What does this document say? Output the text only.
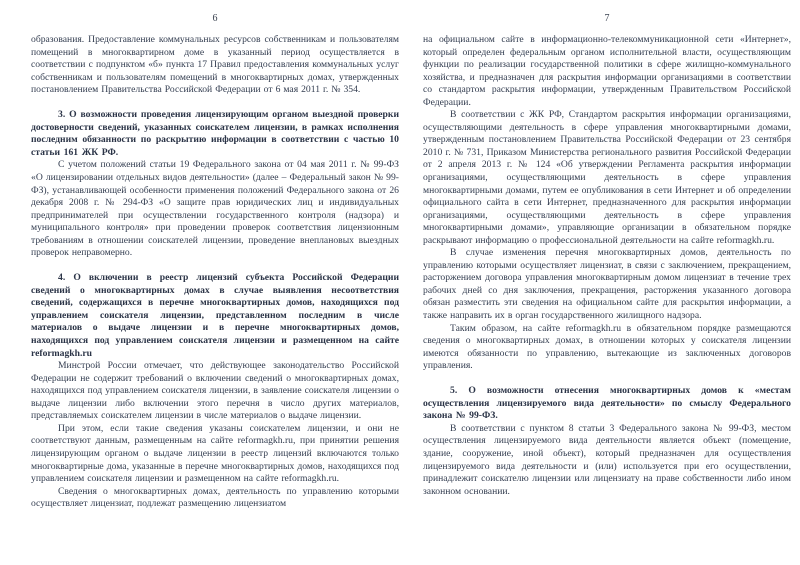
6

образования. Предоставление коммунальных ресурсов собственникам и пользователям помещений в многоквартирном доме в указанный период осуществляется в соответствии с подпунктом «б» пункта 17 Правил предоставления коммунальных услуг собственникам и пользователям помещений в многоквартирных домах, утвержденных постановлением Правительства Российской Федерации от 6 мая 2011 г. № 354.

3. О возможности проведения лицензирующим органом выездной проверки достоверности сведений, указанных соискателем лицензии, в рамках исполнения последним обязанности по раскрытию информации в соответствии с частью 10 статьи 161 ЖК РФ.

С учетом положений статьи 19 Федерального закона от 04 мая 2011 г. № 99-ФЗ «О лицензировании отдельных видов деятельности» (далее – Федеральный закон № 99-ФЗ), устанавливающей особенности применения положений Федерального закона от 26 декабря 2008 г. № 294-ФЗ «О защите прав юридических лиц и индивидуальных предпринимателей при осуществлении государственного контроля (надзора) и муниципального контроля» при проведении проверок соответствия лицензионным требованиям в отношении соискателей лицензии, проведение внеплановых выездных проверок неправомерно.

4. О включении в реестр лицензий субъекта Российской Федерации сведений о многоквартирных домах в случае выявления несоответствия сведений, содержащихся в перечне многоквартирных домов, находящихся под управлением соискателя лицензии, представленном последним в числе материалов о выдаче лицензии и в перечне многоквартирных домов, находящихся под управлением соискателя лицензии и размещенном на сайте reformagkh.ru

Минстрой России отмечает, что действующее законодательство Российской Федерации не содержит требований о включении сведений о многоквартирных домах, находящихся под управлением соискателя лицензии, в заявление соискателя лицензии о выдаче лицензии либо включении этого перечня в число других материалов, представляемых соискателем лицензии в числе материалов о выдаче лицензии.

При этом, если такие сведения указаны соискателем лицензии, и они не соответствуют данным, размещенным на сайте reformagkh.ru, при принятии решения лицензирующим органом о выдаче лицензии в реестр лицензий включаются только многоквартирные дома, указанные в перечне многоквартирных домов, находящихся под управлением соискателя лицензии и размещенном на сайте reformagkh.ru.

Сведения о многоквартирных домах, деятельность по управлению которыми осуществляет лицензиат, подлежат размещению лицензиатом

7

на официальном сайте в информационно-телекоммуникационной сети «Интернет», который определен федеральным органом исполнительной власти, осуществляющим функции по реализации государственной политики в сфере жилищно-коммунального хозяйства, и предназначен для раскрытия информации организациями в соответствии со стандартом раскрытия информации, утвержденным Правительством Российской Федерации.

В соответствии с ЖК РФ, Стандартом раскрытия информации организациями, осуществляющими деятельность в сфере управления многоквартирными домами, утвержденным постановлением Правительства Российской Федерации от 23 сентября 2010 г. № 731, Приказом Министерства регионального развития Российской Федерации от 2 апреля 2013 г. № 124 «Об утверждении Регламента раскрытия информации организациями, осуществляющими деятельность в сфере управления многоквартирными домами, путем ее опубликования в сети Интернет и об определении официального сайта в сети Интернет, предназначенного для раскрытия информации организациями, осуществляющими деятельность в сфере управления многоквартирными домами», управляющие организации в обязательном порядке раскрывают информацию о профессиональной деятельности на сайте reformagkh.ru.

В случае изменения перечня многоквартирных домов, деятельность по управлению которыми осуществляет лицензиат, в связи с заключением, прекращением, расторжением договора управления многоквартирным домом лицензиат в течение трех рабочих дней со дня заключения, прекращения, расторжения указанного договора обязан разместить эти сведения на официальном сайте для раскрытия информации, а также направить их в орган государственного жилищного надзора.

Таким образом, на сайте reformagkh.ru в обязательном порядке размещаются сведения о многоквартирных домах, в отношении которых у соискателя лицензии имеются обязанности по управлению, вытекающие из заключенных договоров управления.

5. О возможности отнесения многоквартирных домов к «местам осуществления лицензируемого вида деятельности» по смыслу Федерального закона № 99-ФЗ.

В соответствии с пунктом 8 статьи 3 Федерального закона № 99-ФЗ, местом осуществления лицензируемого вида деятельности является объект (помещение, здание, сооружение, иной объект), который предназначен для осуществления лицензируемого вида деятельности и (или) используется при его осуществлении, принадлежит соискателю лицензии или лицензиату на праве собственности либо ином законном основании.
